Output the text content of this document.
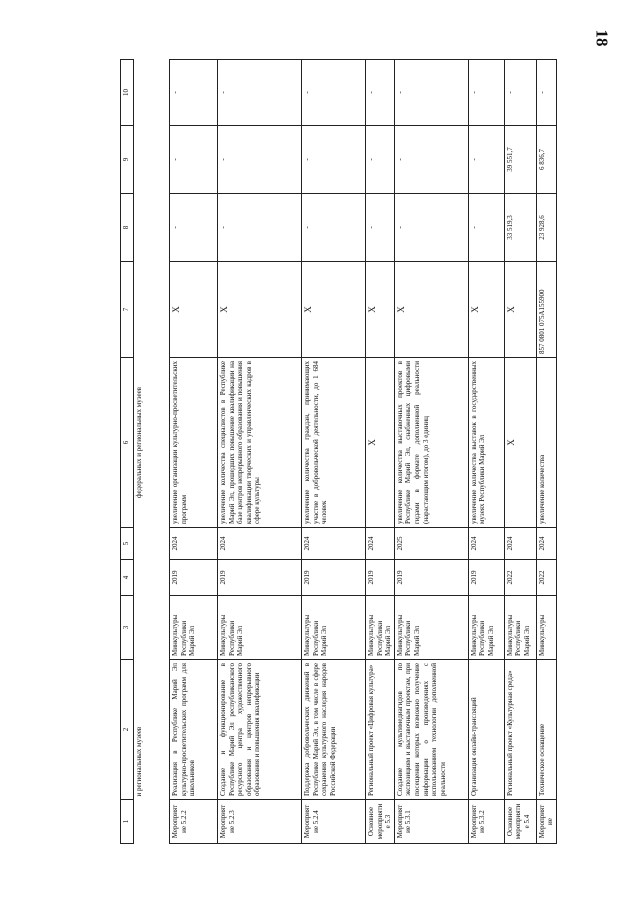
18
1	2	3	4	5	6	7	8	9	10
	и региональных музеев				федеральных и региональных музеев				
Мероприятие 5.2.2	Реализация в Республике Марий Эл культурно-просветительских программ для школьников	Минкультуры Республики Марий Эл	2019	2024	увеличение организации культурно-просветительских программ	X	-	-	-
Мероприятие 5.2.3	Создание и функционирование в Республике Марий Эл республиканского ресурсного центра художественного образования и центров непрерывного образования и повышения квалификации	Минкультуры Республики Марий Эл	2019	2024	увеличение количества специалистов в Республике Марий Эл, прошедших повышение квалификации на базе центров непрерывного образования и повышения квалификации творческих и управленческих кадров в сфере культуры	X	-	-	-
Мероприятие 5.2.4	Поддержка добровольческих движений в Республике Марий Эл, в том числе в сфере сохранения культурного наследия народов Российской Федерации	Минкультуры Республики Марий Эл	2019	2024	увеличение количества граждан, принимающих участие в добровольческой деятельности, до 1 684 человек	X	-	-	-
Основное мероприятие 5.3	Региональный проект «Цифровая культура»	Минкультуры Республики Марий Эл	2019	2024	X	X	-	-	-
Мероприятие 5.3.1	Создание мультимедиагидов по экспозициям и выставочным проектам, при посещении которых возможно получение информации о произведениях с использованием технологии дополненной реальности	Минкультуры Республики Марий Эл	2019	2025	увеличение количества выставочных проектов в Республике Марий Эл, снабженных цифровыми гидами в формате дополненной реальности (нарастающим итогом), до 3 единиц	X	-	-	-
Мероприятие 5.3.2	Организация онлайн-трансляций	Минкультуры Республики Марий Эл	2019	2024	увеличение количества выставок в государственных музеях Республики Марий Эл	X	-	-	-
Основное мероприятие 5.4	Региональный проект «Культурная среда»	Минкультуры Республики Марий Эл	2022	2024	X	X	33 519,3	39 551,7	-
Мероприятие	Техническое оснащение	Минкультуры	2022	2024	увеличение количества	857 0801 075А155900	23 928,6	6 836,7	-
